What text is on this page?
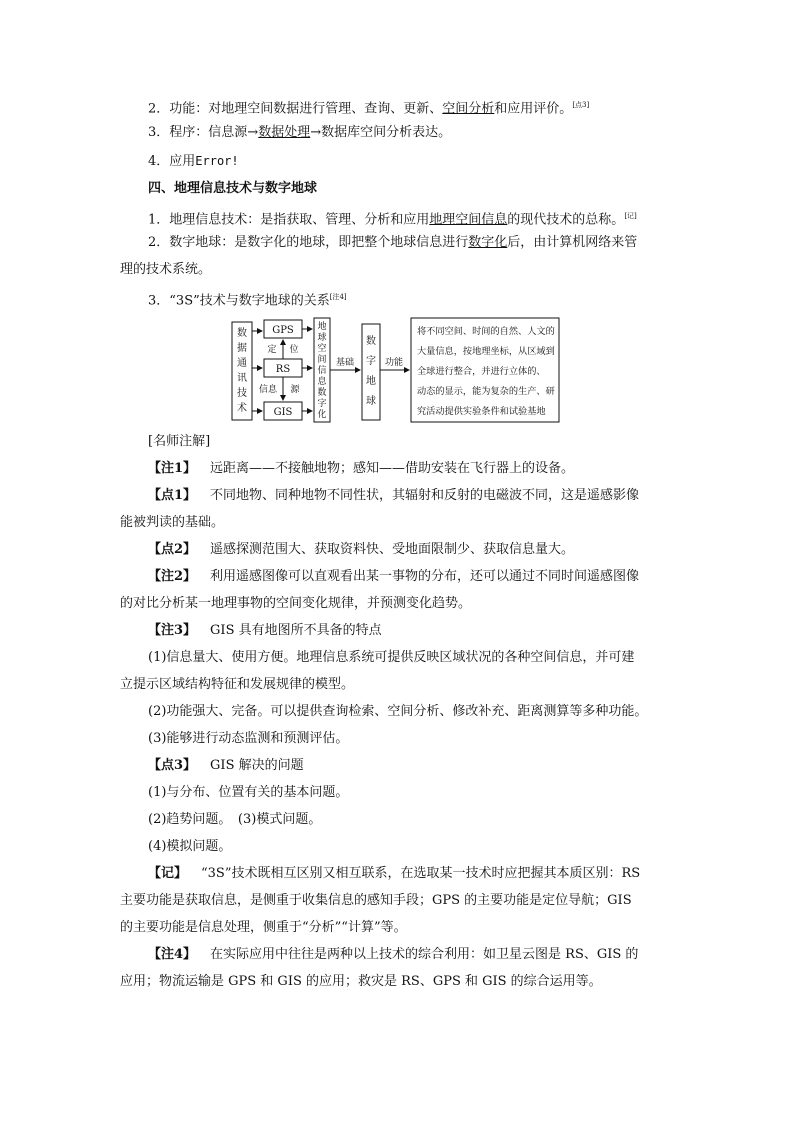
2．功能：对地理空间数据进行管理、查询、更新、空间分析和应用评价。[点3]
3．程序：信息源→数据处理→数据库空间分析表达。
4．应用Error!
四、地理信息技术与数字地球
1．地理信息技术：是指获取、管理、分析和应用地理空间信息的现代技术的总称。[记]
2．数字地球：是数字化的地球，即把整个地球信息进行数字化后，由计算机网络来管
理的技术系统。
3．“3S”技术与数字地球的关系[注4]
数
据
通
讯
技
术
GPS
RS
GIS
定 位
信息 源
地
球
空
间
信
息
数
字
化
基础
数
字
地
球
功能
将不同空间、时间的自然、人文的
大量信息，按地理坐标，从区域到
全球进行整合，并进行立体的、
动态的显示，能为复杂的生产、研
究活动提供实验条件和试验基地
[名师注解]
【注1】 远距离——不接触地物；感知——借助安装在飞行器上的设备。
【点1】 不同地物、同种地物不同性状，其辐射和反射的电磁波不同，这是遥感影像
能被判读的基础。
【点2】 遥感探测范围大、获取资料快、受地面限制少、获取信息量大。
【注2】 利用遥感图像可以直观看出某一事物的分布，还可以通过不同时间遥感图像
的对比分析某一地理事物的空间变化规律，并预测变化趋势。
【注3】 GIS 具有地图所不具备的特点
(1)信息量大、使用方便。地理信息系统可提供反映区域状况的各种空间信息，并可建
立提示区域结构特征和发展规律的模型。
(2)功能强大、完备。可以提供查询检索、空间分析、修改补充、距离测算等多种功能。
(3)能够进行动态监测和预测评估。
【点3】 GIS 解决的问题
(1)与分布、位置有关的基本问题。
(2)趋势问题。　(3)模式问题。
(4)模拟问题。
【记】 “3S”技术既相互区别又相互联系，在选取某一技术时应把握其本质区别：RS
主要功能是获取信息，是侧重于收集信息的感知手段；GPS 的主要功能是定位导航；GIS
的主要功能是信息处理，侧重于“分析”“计算”等。
【注4】 在实际应用中往往是两种以上技术的综合利用：如卫星云图是 RS、GIS 的
应用；物流运输是 GPS 和 GIS 的应用；救灾是 RS、GPS 和 GIS 的综合运用等。
